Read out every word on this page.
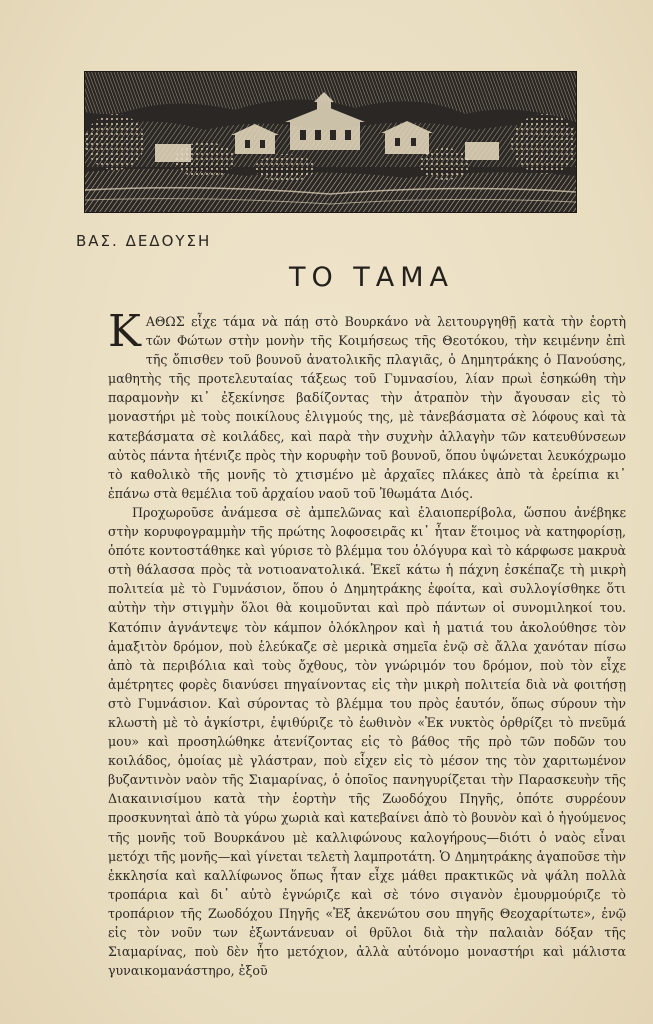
ΒΑΣ. ΔΕΔΟΥΣΗ
ΤΟ ΤΑΜΑ

ΚΑΘΩΣ εἶχε τάμα νὰ πάῃ στὸ Βουρκάνο νὰ λειτουργηθῇ κατὰ τὴν ἑορτὴ τῶν Φώτων στὴν μονὴν τῆς Κοιμήσεως τῆς Θεοτόκου, τὴν κειμένην ἐπὶ τῆς ὄπισθεν τοῦ βουνοῦ ἀνατολικῆς πλαγιᾶς, ὁ Δημητράκης ὁ Πανούσης, μαθητὴς τῆς προτελευταίας τάξεως τοῦ Γυμνασίου, λίαν πρωὶ ἐσηκώθη τὴν παραμονὴν κι᾽ ἐξεκίνησε βαδίζοντας τὴν ἀτραπὸν τὴν ἄγουσαν εἰς τὸ μοναστήρι μὲ τοὺς ποικίλους ἑλιγμούς της, μὲ τἀνεβάσματα σὲ λόφους καὶ τὰ κατεβάσματα σὲ κοιλάδες, καὶ παρὰ τὴν συχνὴν ἀλλαγὴν τῶν κατευθύνσεων αὐτὸς πάντα ἠτένιζε πρὸς τὴν κορυφὴν τοῦ βουνοῦ, ὅπου ὑψώνεται λευκόχρωμο τὸ καθολικὸ τῆς μονῆς τὸ χτισμένο μὲ ἀρχαῖες πλάκες ἀπὸ τὰ ἐρείπια κι᾽ ἐπάνω στὰ θεμέλια τοῦ ἀρχαίου ναοῦ τοῦ Ἰθωμάτα Διός.

Προχωροῦσε ἀνάμεσα σὲ ἀμπελῶνας καὶ ἐλαιοπερίβολα, ὥσπου ἀνέβηκε στὴν κορυφογραμμὴν τῆς πρώτης λοφοσειρᾶς κι᾽ ἦταν ἕτοιμος νὰ κατηφορίσῃ, ὁπότε κοντοστάθηκε καὶ γύρισε τὸ βλέμμα του ὁλόγυρα καὶ τὸ κάρφωσε μακρυὰ στὴ θάλασσα πρὸς τὰ νοτιοανατολικά. Ἐκεῖ κάτω ἡ πάχνη ἐσκέπαζε τὴ μικρὴ πολιτεία μὲ τὸ Γυμνάσιον, ὅπου ὁ Δημητράκης ἐφοίτα, καὶ συλλογίσθηκε ὅτι αὐτὴν τὴν στιγμὴν ὅλοι θὰ κοιμοῦνται καὶ πρὸ πάντων οἱ συνομιληκοί του. Κατόπιν ἀγνάντεψε τὸν κάμπον ὁλόκληρον καὶ ἡ ματιά του ἀκολούθησε τὸν ἁμαξιτὸν δρόμον, ποὺ ἑλεύκαζε σὲ μερικὰ σημεῖα ἐνῷ σὲ ἄλλα χανόταν πίσω ἀπὸ τὰ περιβόλια καὶ τοὺς ὄχθους, τὸν γνώριμόν του δρόμον, ποὺ τὸν εἶχε ἀμέτρητες φορὲς διανύσει πηγαίνοντας εἰς τὴν μικρὴ πολιτεία διὰ νὰ φοιτήσῃ στὸ Γυμνάσιον. Καὶ σύροντας τὸ βλέμμα του πρὸς ἑαυτόν, ὅπως σύρουν τὴν κλωστὴ μὲ τὸ ἀγκίστρι, ἐψιθύριζε τὸ ἑωθινὸν «Ἐκ νυκτὸς ὀρθρίζει τὸ πνεῦμά μου» καὶ προσηλώθηκε ἀτενίζοντας εἰς τὸ βάθος τῆς πρὸ τῶν ποδῶν του κοιλάδος, ὁμοίας μὲ γλάστραν, ποὺ εἶχεν εἰς τὸ μέσον της τὸν χαριτωμένον βυζαντινὸν ναὸν τῆς Σιαμαρίνας, ὁ ὁποῖος πανηγυρίζεται τὴν Παρασκευὴν τῆς Διακαινισίμου κατὰ τὴν ἑορτὴν τῆς Ζωοδόχου Πηγῆς, ὁπότε συρρέουν προσκυνηταὶ ἀπὸ τὰ γύρω χωριὰ καὶ κατεβαίνει ἀπὸ τὸ βουνὸν καὶ ὁ ἡγούμενος τῆς μονῆς τοῦ Βουρκάνου μὲ καλλιφώνους καλογήρους—διότι ὁ ναὸς εἶναι μετόχι τῆς μονῆς—καὶ γίνεται τελετὴ λαμπροτάτη. Ὁ Δημητράκης ἀγαποῦσε τὴν ἐκκλησία καὶ καλλίφωνος ὅπως ἦταν εἶχε μάθει πρακτικῶς νὰ ψάλη πολλὰ τροπάρια καὶ δι᾽ αὐτὸ ἐγνώριζε καὶ σὲ τόνο σιγανὸν ἐμουρμούριζε τὸ τροπάριον τῆς Ζωοδόχου Πηγῆς «Ἐξ ἀκενώτου σου πηγῆς Θεοχαρίτωτε», ἐνῷ εἰς τὸν νοῦν των ἐξωντάνευαν οἱ θρῦλοι διὰ τὴν παλαιὰν δόξαν τῆς Σιαμαρίνας, ποὺ δὲν ἦτο μετόχιον, ἀλλὰ αὐτόνομο μοναστήρι καὶ μάλιστα γυναικομανάστηρο, ἐξοῦ
